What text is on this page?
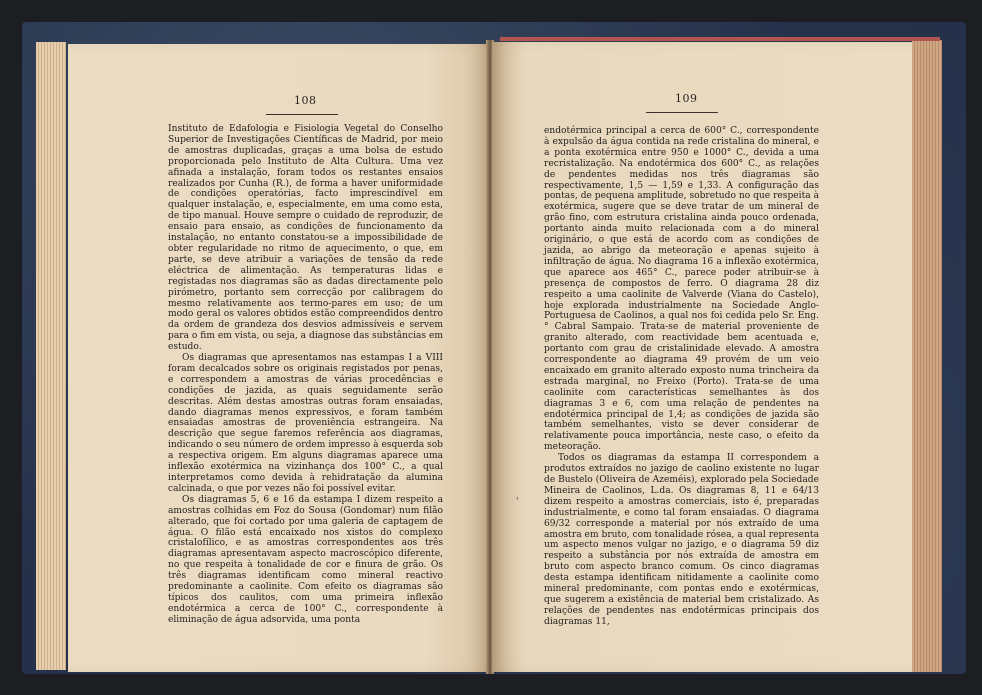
108

Instituto de Edafologia e Fisiologia Vegetal do Conselho Superior de Investigações Científicas de Madrid, por meio de amostras duplicadas, graças a uma bolsa de estudo proporcionada pelo Instituto de Alta Cultura. Uma vez afinada a instalação, foram todos os restantes ensaios realizados por Cunha (R.), de forma a haver uniformidade de condições operatórias, facto imprescindível em qualquer instalação, e, especialmente, em uma como esta, de tipo manual. Houve sempre o cuidado de reproduzir, de ensaio para ensaio, as condições de funcionamento da instalação, no entanto constatou-se a impossibilidade de obter regularidade no ritmo de aquecimento, o que, em parte, se deve atribuir a variações de tensão da rede eléctrica de alimentação. As temperaturas lidas e registadas nos diagramas são as dadas directamente pelo pirómetro, portanto sem correcção por calibragem do mesmo relativamente aos termo-pares em uso; de um modo geral os valores obtidos estão compreendidos dentro da ordem de grandeza dos desvios admissíveis e servem para o fim em vista, ou seja, a diagnose das substâncias em estudo.

Os diagramas que apresentamos nas estampas I a VIII foram decalcados sobre os originais registados por penas, e correspondem a amostras de várias procedências e condições de jazida, as quais seguidamente serão descritas. Além destas amostras outras foram ensaiadas, dando diagramas menos expressivos, e foram também ensaiadas amostras de proveniência estrangeira. Na descrição que segue faremos referência aos diagramas, indicando o seu número de ordem impresso à esquerda sob a respectiva origem. Em alguns diagramas aparece uma inflexão exotérmica na vizinhança dos 100° C., a qual interpretamos como devida à rehidratação da alumina calcinada, o que por vezes não foi possível evitar.

Os diagramas 5, 6 e 16 da estampa I dizem respeito a amostras colhidas em Foz do Sousa (Gondomar) num filão alterado, que foi cortado por uma galeria de captagem de água. O filão está encaixado nos xistos do complexo cristalofílico, e as amostras correspondentes aos três diagramas apresentavam aspecto macroscópico diferente, no que respeita à tonalidade de cor e finura de grão. Os três diagramas identificam como mineral reactivo predominante a caolinite. Com efeito os diagramas são típicos dos caulitos, com uma primeira inflexão endotérmica a cerca de 100° C., correspondente à eliminação de água adsorvida, uma ponta

109
'

endotérmica principal a cerca de 600° C., correspondente à expulsão da água contida na rede cristalina do mineral, e a ponta exotérmica entre 950 e 1000° C., devida a uma recristalização. Na endotérmica dos 600° C., as relações de pendentes medidas nos três diagramas são respectivamente, 1,5 — 1,59 e 1,33. A configuração das pontas, de pequena amplitude, sobretudo no que respeita à exotérmica, sugere que se deve tratar de um mineral de grão fino, com estrutura cristalina ainda pouco ordenada, portanto ainda muito relacionada com a do mineral originário, o que está de acordo com as condições de jazida, ao abrigo da meteoração e apenas sujeito à infiltração de água. No diagrama 16 a inflexão exotérmica, que aparece aos 465° C., parece poder atribuir-se à presença de compostos de ferro. O diagrama 28 diz respeito a uma caolinite de Valverde (Viana do Castelo), hoje explorada industrialmente na Sociedade Anglo-Portuguesa de Caolinos, a qual nos foi cedida pelo Sr. Eng.° Cabral Sampaio. Trata-se de material proveniente de granito alterado, com reactividade bem acentuada e, portanto com grau de cristalinidade elevado. A amostra correspondente ao diagrama 49 provém de um veio encaixado em granito alterado exposto numa trincheira da estrada marginal, no Freixo (Porto). Trata-se de uma caolinite com características semelhantes às dos diagramas 3 e 6, com uma relação de pendentes na endotérmica principal de 1,4; as condições de jazida são também semelhantes, visto se dever considerar de relativamente pouca importância, neste caso, o efeito da meteoração.

Todos os diagramas da estampa II correspondem a produtos extraídos no jazigo de caolino existente no lugar de Bustelo (Oliveira de Azeméis), explorado pela Sociedade Mineira de Caolinos, L.da. Os diagramas 8, 11 e 64/13 dizem respeito a amostras comerciais, isto é, preparadas industrialmente, e como tal foram ensaiadas. O diagrama 69/32 corresponde a material por nós extraído de uma amostra em bruto, com tonalidade rósea, a qual representa um aspecto menos vulgar no jazigo, e o diagrama 59 diz respeito a substância por nós extraída de amostra em bruto com aspecto branco comum. Os cinco diagramas desta estampa identificam nitidamente a caolinite como mineral predominante, com pontas endo e exotérmicas, que sugerem a existência de material bem cristalizado. As relações de pendentes nas endotérmicas principais dos diagramas 11,
